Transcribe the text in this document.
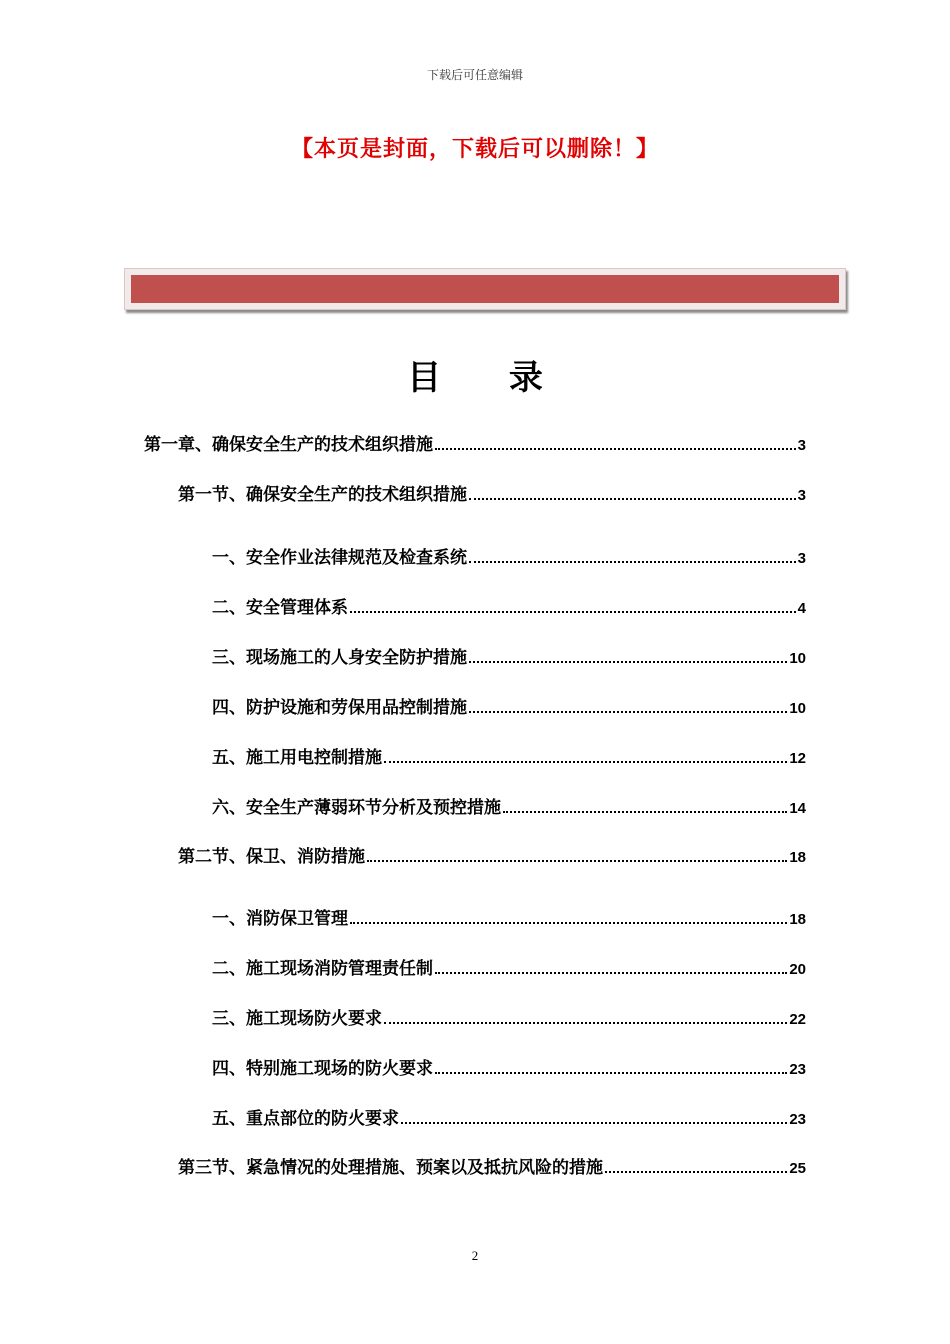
下载后可任意编辑
【本页是封面，下载后可以删除！】
目 录
第一章、确保安全生产的技术组织措施	3
第一节、确保安全生产的技术组织措施	3
一、安全作业法律规范及检查系统	3
二、安全管理体系	4
三、现场施工的人身安全防护措施	10
四、防护设施和劳保用品控制措施	10
五、施工用电控制措施	12
六、安全生产薄弱环节分析及预控措施	14
第二节、保卫、消防措施	18
一、消防保卫管理	18
二、施工现场消防管理责任制	20
三、施工现场防火要求	22
四、特别施工现场的防火要求	23
五、重点部位的防火要求	23
第三节、紧急情况的处理措施、预案以及抵抗风险的措施	25
2
